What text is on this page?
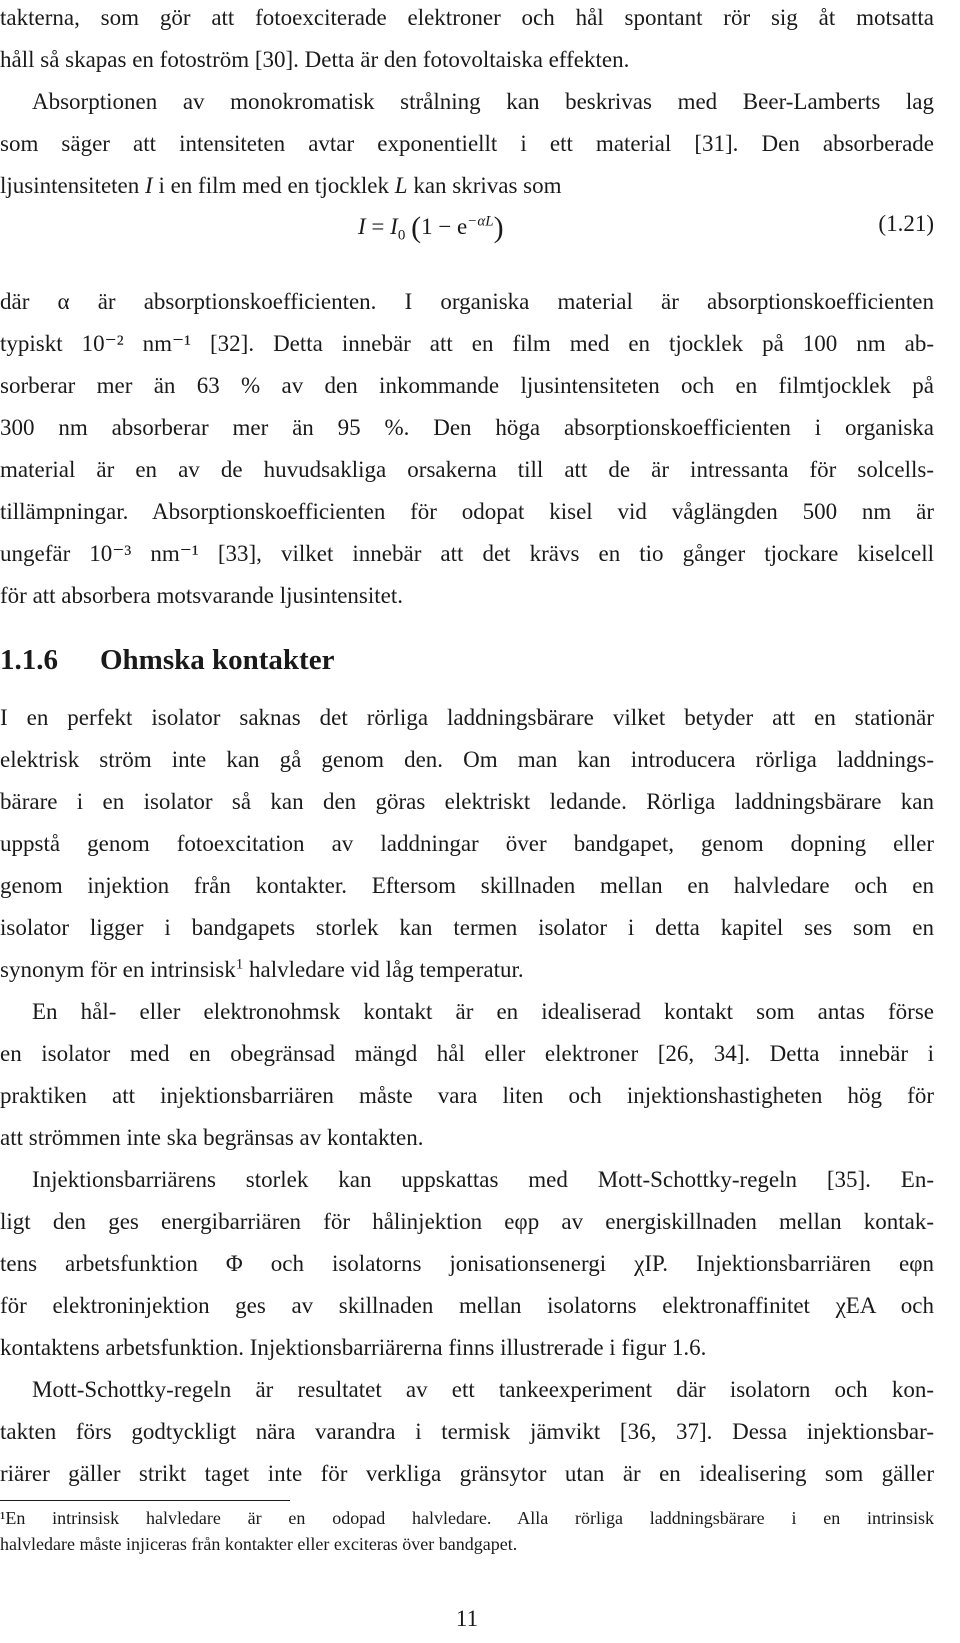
takterna, som gör att fotoexciterade elektroner och hål spontant rör sig åt motsatta
håll så skapas en fotoström [30]. Detta är den fotovoltaiska effekten.
Absorptionen av monokromatisk strålning kan beskrivas med Beer-Lamberts lag
som säger att intensiteten avtar exponentiellt i ett material [31]. Den absorberade
ljusintensiteten I i en film med en tjocklek L kan skrivas som
$I = I_0$ $(1 - e^{-\alpha L})$	(1.21)
där α är absorptionskoefficienten. I organiska material är absorptionskoefficienten
typiskt 10⁻² nm⁻¹ [32]. Detta innebär att en film med en tjocklek på 100 nm ab-
sorberar mer än 63 % av den inkommande ljusintensiteten och en filmtjocklek på
300 nm absorberar mer än 95 %. Den höga absorptionskoefficienten i organiska
material är en av de huvudsakliga orsakerna till att de är intressanta för solcells-
tillämpningar. Absorptionskoefficienten för odopat kisel vid våglängden 500 nm är
ungefär 10⁻³ nm⁻¹ [33], vilket innebär att det krävs en tio gånger tjockare kiselcell
för att absorbera motsvarande ljusintensitet.
1.1.6 Ohmska kontakter
I en perfekt isolator saknas det rörliga laddningsbärare vilket betyder att en stationär
elektrisk ström inte kan gå genom den. Om man kan introducera rörliga laddnings-
bärare i en isolator så kan den göras elektriskt ledande. Rörliga laddningsbärare kan
uppstå genom fotoexcitation av laddningar över bandgapet, genom dopning eller
genom injektion från kontakter. Eftersom skillnaden mellan en halvledare och en
isolator ligger i bandgapets storlek kan termen isolator i detta kapitel ses som en
synonym för en intrinsisk$^1$ halvledare vid låg temperatur.
En hål- eller elektronohmsk kontakt är en idealiserad kontakt som antas förse
en isolator med en obegränsad mängd hål eller elektroner [26, 34]. Detta innebär i
praktiken att injektionsbarriären måste vara liten och injektionshastigheten hög för
att strömmen inte ska begränsas av kontakten.
Injektionsbarriärens storlek kan uppskattas med Mott-Schottky-regeln [35]. En-
ligt den ges energibarriären för hålinjektion eφp av energiskillnaden mellan kontak-
tens arbetsfunktion Φ och isolatorns jonisationsenergi χIP. Injektionsbarriären eφn
för elektroninjektion ges av skillnaden mellan isolatorns elektronaffinitet χEA och
kontaktens arbetsfunktion. Injektionsbarriärerna finns illustrerade i figur 1.6.
Mott-Schottky-regeln är resultatet av ett tankeexperiment där isolatorn och kon-
takten förs godtyckligt nära varandra i termisk jämvikt [36, 37]. Dessa injektionsbar-
riärer gäller strikt taget inte för verkliga gränsytor utan är en idealisering som gäller
¹En intrinsisk halvledare är en odopad halvledare. Alla rörliga laddningsbärare i en intrinsisk
halvledare måste injiceras från kontakter eller exciteras över bandgapet.
11
